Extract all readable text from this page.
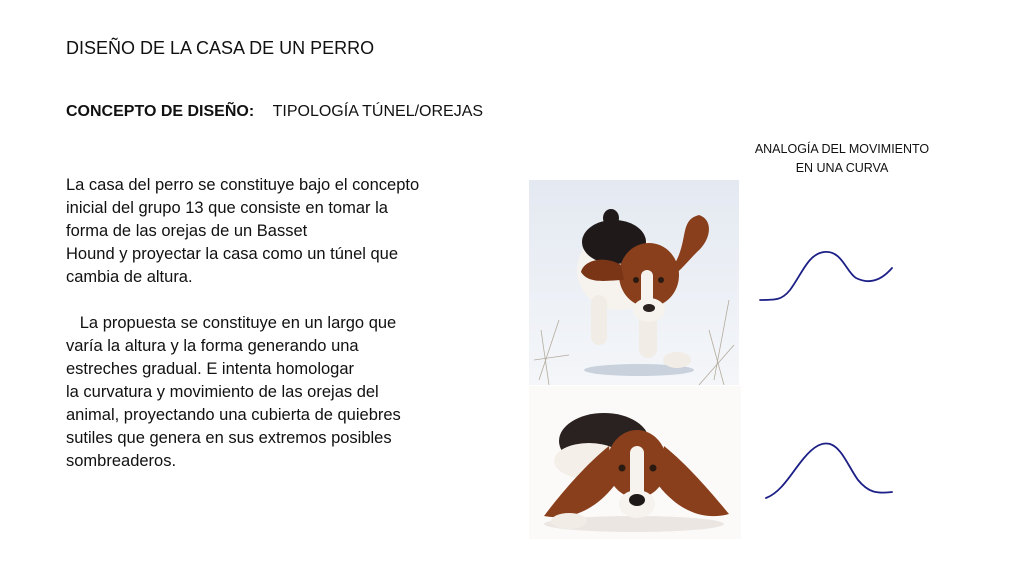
DISEÑO DE LA CASA DE UN PERRO
CONCEPTO DE DISEÑO: TIPOLOGÍA TÚNEL/OREJAS
ANALOGÍA DEL MOVIMIENTO
EN UNA CURVA
La casa del perro se constituye bajo el concepto
inicial del grupo 13 que consiste en tomar la
forma de las orejas de un Basset
Hound y proyectar la casa como un túnel que
cambia de altura.
La propuesta se constituye en un largo que
varía la altura y la forma generando una
estreches gradual. E intenta homologar
la curvatura y movimiento de las orejas del
animal, proyectando una cubierta de quiebres
sutiles que genera en sus extremos posibles
sombreaderos.
